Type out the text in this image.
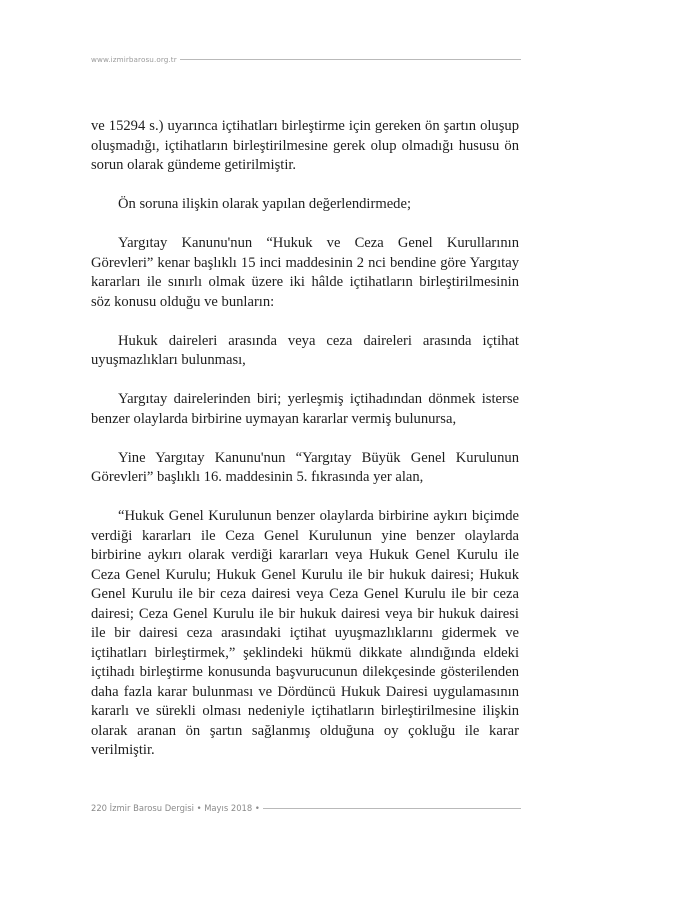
www.izmirbarosu.org.tr

ve 15294 s.) uyarınca içtihatları birleştirme için gereken ön şartın oluşup oluşmadığı, içtihatların birleştirilmesine gerek olup olmadığı hususu ön sorun olarak gündeme getirilmiştir.

Ön soruna ilişkin olarak yapılan değerlendirmede;

Yargıtay Kanunu'nun “Hukuk ve Ceza Genel Kurullarının Görevleri” kenar başlıklı 15 inci maddesinin 2 nci bendine göre Yargıtay kararları ile sınırlı olmak üzere iki hâlde içtihatların birleştirilmesinin söz konusu olduğu ve bunların:

Hukuk daireleri arasında veya ceza daireleri arasında içtihat uyuşmazlıkları bulunması,

Yargıtay dairelerinden biri; yerleşmiş içtihadından dönmek isterse benzer olaylarda birbirine uymayan kararlar vermiş bulunursa,

Yine Yargıtay Kanunu'nun “Yargıtay Büyük Genel Kurulunun Görevleri” başlıklı 16. maddesinin 5. fıkrasında yer alan,

“Hukuk Genel Kurulunun benzer olaylarda birbirine aykırı biçimde verdiği kararları ile Ceza Genel Kurulunun yine benzer olaylarda birbirine aykırı olarak verdiği kararları veya Hukuk Genel Kurulu ile Ceza Genel Kurulu; Hukuk Genel Kurulu ile bir hukuk dairesi; Hukuk Genel Kurulu ile bir ceza dairesi veya Ceza Genel Kurulu ile bir ceza dairesi; Ceza Genel Kurulu ile bir hukuk dairesi veya bir hukuk dairesi ile bir dairesi ceza arasındaki içtihat uyuşmazlıklarını gidermek ve içtihatları birleştirmek,” şeklindeki hükmü dikkate alındığında eldeki içtihadı birleştirme konusunda başvurucunun dilekçesinde gösterilenden daha fazla karar bulunması ve Dördüncü Hukuk Dairesi uygulamasının kararlı ve sürekli olması nedeniyle içtihatların birleştirilmesine ilişkin olarak aranan ön şartın sağlanmış olduğuna oy çokluğu ile karar verilmiştir.

220 İzmir Barosu Dergisi • Mayıs 2018 •
